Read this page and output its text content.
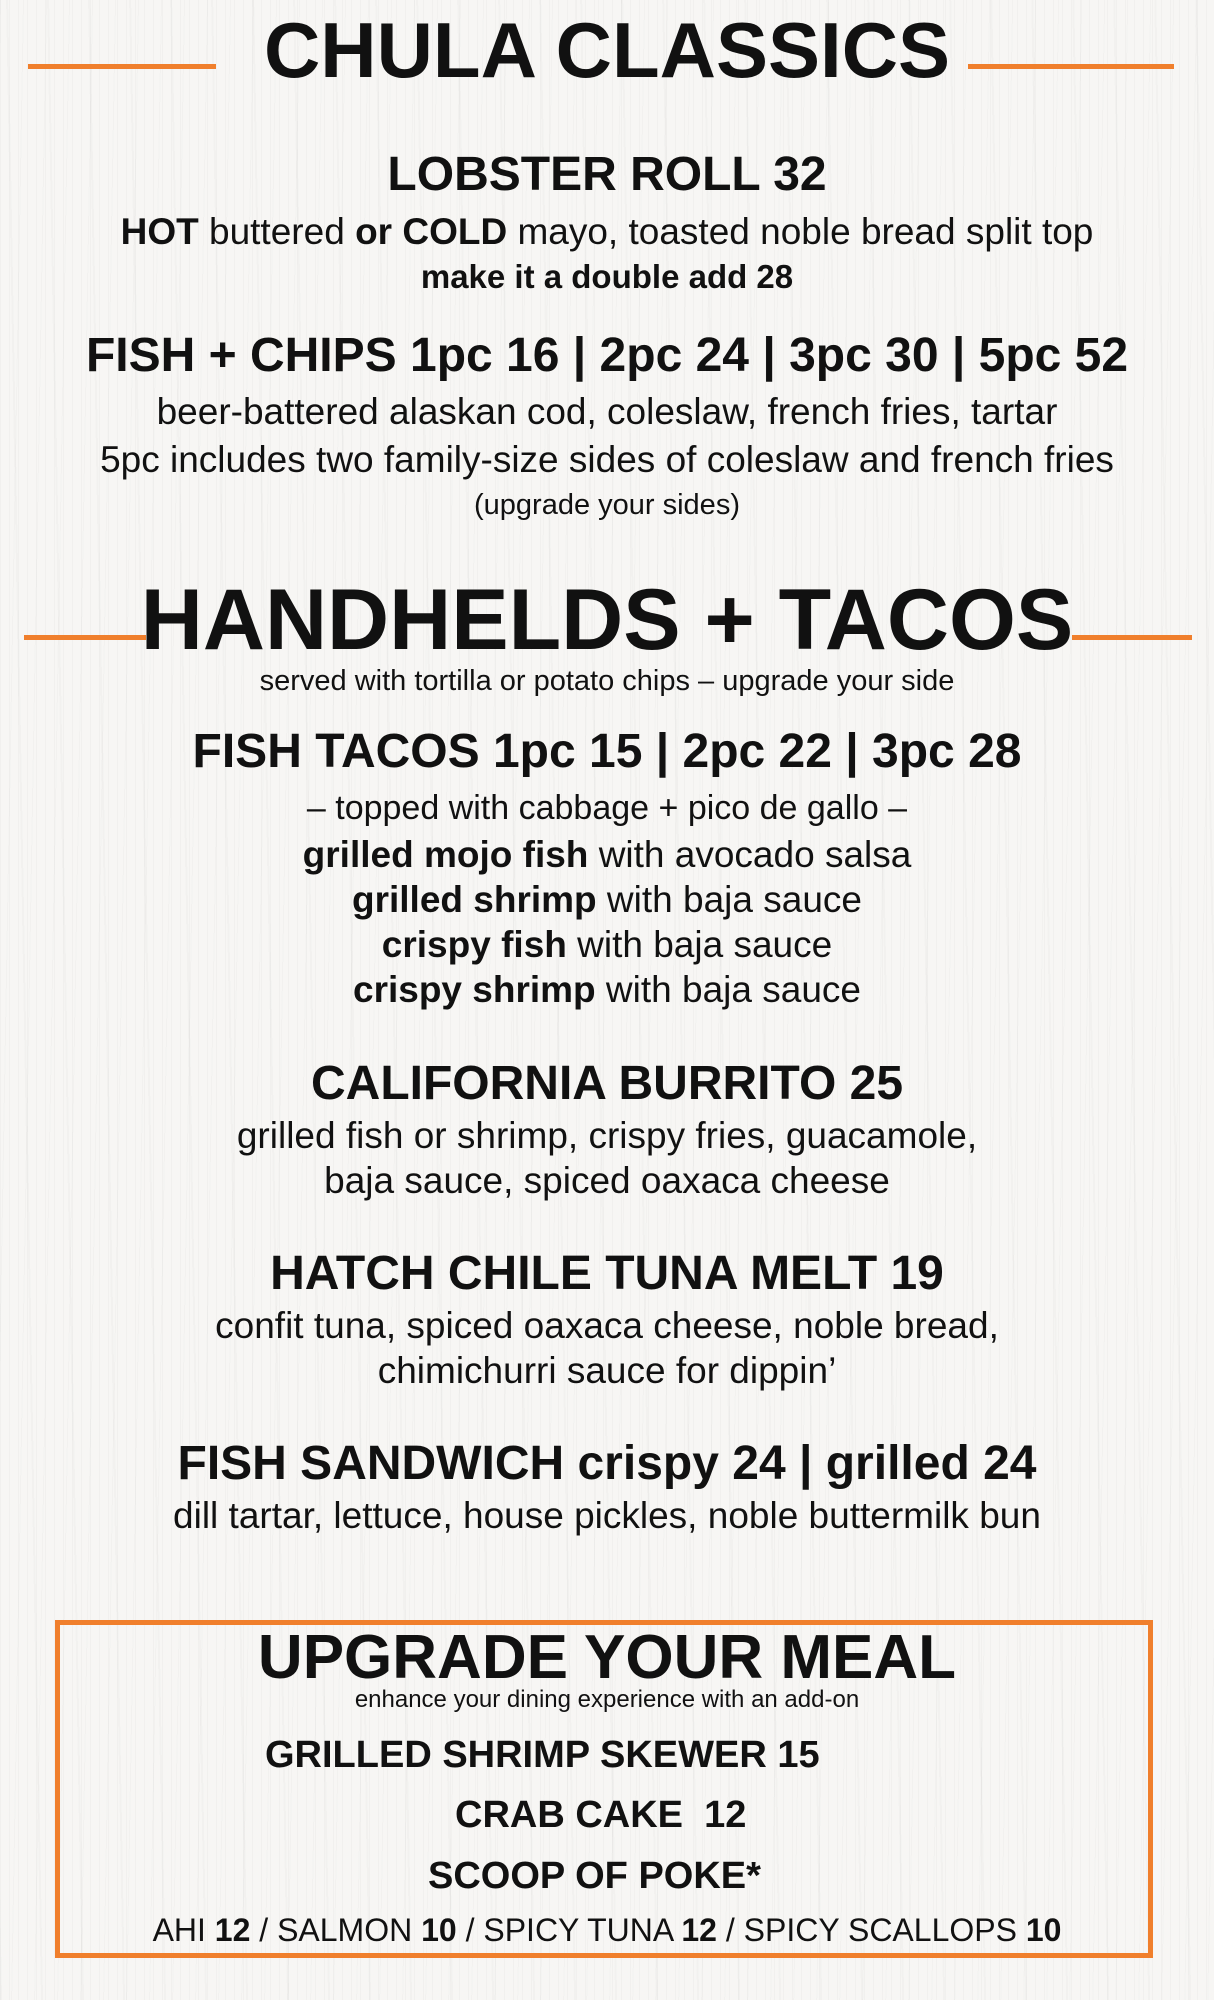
CHULA CLASSICS
LOBSTER ROLL 32
HOT buttered or COLD mayo, toasted noble bread split top
make it a double add 28
FISH + CHIPS 1pc 16 | 2pc 24 | 3pc 30 | 5pc 52
beer-battered alaskan cod, coleslaw, french fries, tartar
5pc includes two family-size sides of coleslaw and french fries
(upgrade your sides)
HANDHELDS + TACOS
served with tortilla or potato chips – upgrade your side
FISH TACOS 1pc 15 | 2pc 22 | 3pc 28
– topped with cabbage + pico de gallo –
grilled mojo fish with avocado salsa
grilled shrimp with baja sauce
crispy fish with baja sauce
crispy shrimp with baja sauce
CALIFORNIA BURRITO 25
grilled fish or shrimp, crispy fries, guacamole,
baja sauce, spiced oaxaca cheese
HATCH CHILE TUNA MELT 19
confit tuna, spiced oaxaca cheese, noble bread,
chimichurri sauce for dippin’
FISH SANDWICH crispy 24 | grilled 24
dill tartar, lettuce, house pickles, noble buttermilk bun
UPGRADE YOUR MEAL
enhance your dining experience with an add-on
GRILLED SHRIMP SKEWER 15
CRAB CAKE  12
SCOOP OF POKE*
AHI 12 / SALMON 10 / SPICY TUNA 12 / SPICY SCALLOPS 10
